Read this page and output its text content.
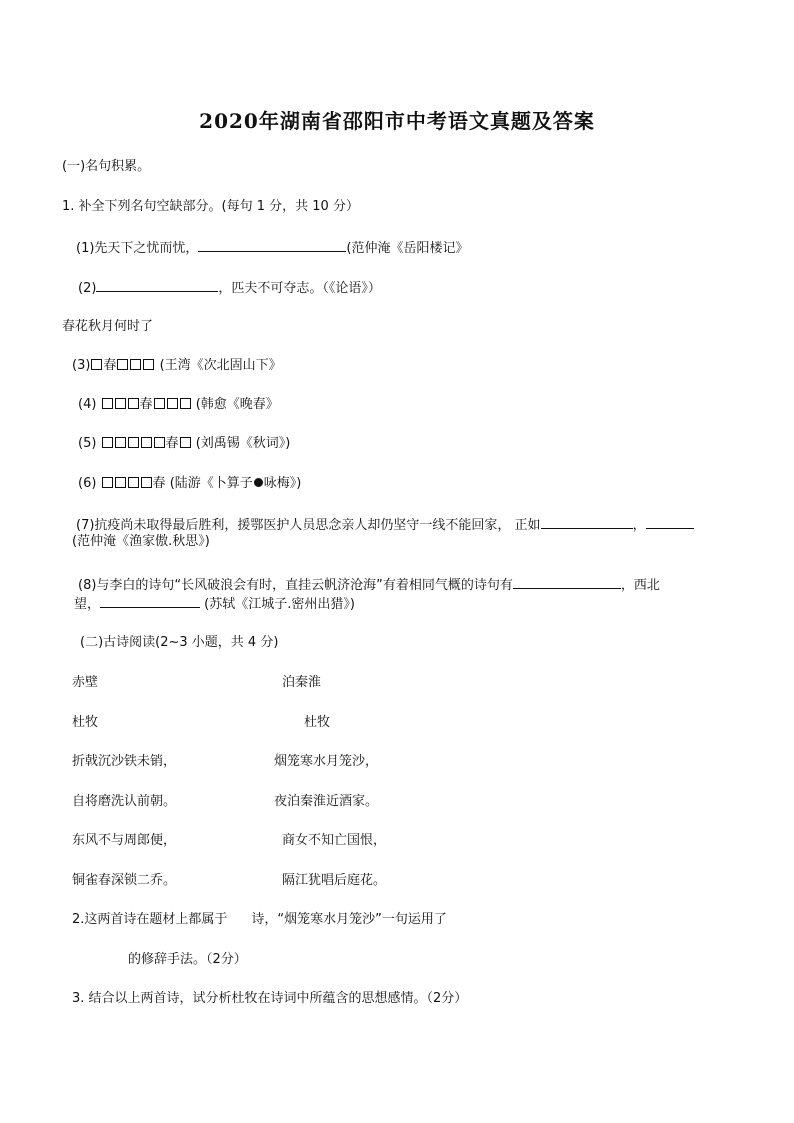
2020年湖南省邵阳市中考语文真题及答案
(一)名句积累。
1. 补全下列名句空缺部分。(每句 1 分，共 10 分）
(1)先天下之忧而忧，	(范仲淹《岳阳楼记》
(2)	，匹夫不可夺志。（《论语》）
春花秋月何时了
(3) 春	(王湾《次北固山下》
(4)	春	(韩愈《晚春》
(5)	春 (刘禹锡《秋词》)
(6)	春 (陆游《卜算子 咏梅》)
(7)抗疫尚未取得最后胜利，援鄂医护人员思念亲人却仍坚守一线不能回家， 正如	，
(范仲淹《渔家傲.秋思》)
(8)与李白的诗句“长风破浪会有时，直挂云帆济沧海”有着相同气概的诗句有	，西北
望，	(苏轼《江城子.密州出猎》)
(二)古诗阅读(2~3 小题，共 4 分)
赤壁	泊秦淮
杜牧	杜牧
折戟沉沙铁未销，	烟笼寒水月笼沙，
自将磨洗认前朝。	夜泊秦淮近酒家。
东风不与周郎便，	商女不知亡国恨，
铜雀春深锁二乔。	隔江犹唱后庭花。
2.这两首诗在题材上都属于 诗，“烟笼寒水月笼沙”一句运用了
的修辞手法。（2分）
3. 结合以上两首诗，试分析杜牧在诗词中所蕴含的思想感情。（2分）
